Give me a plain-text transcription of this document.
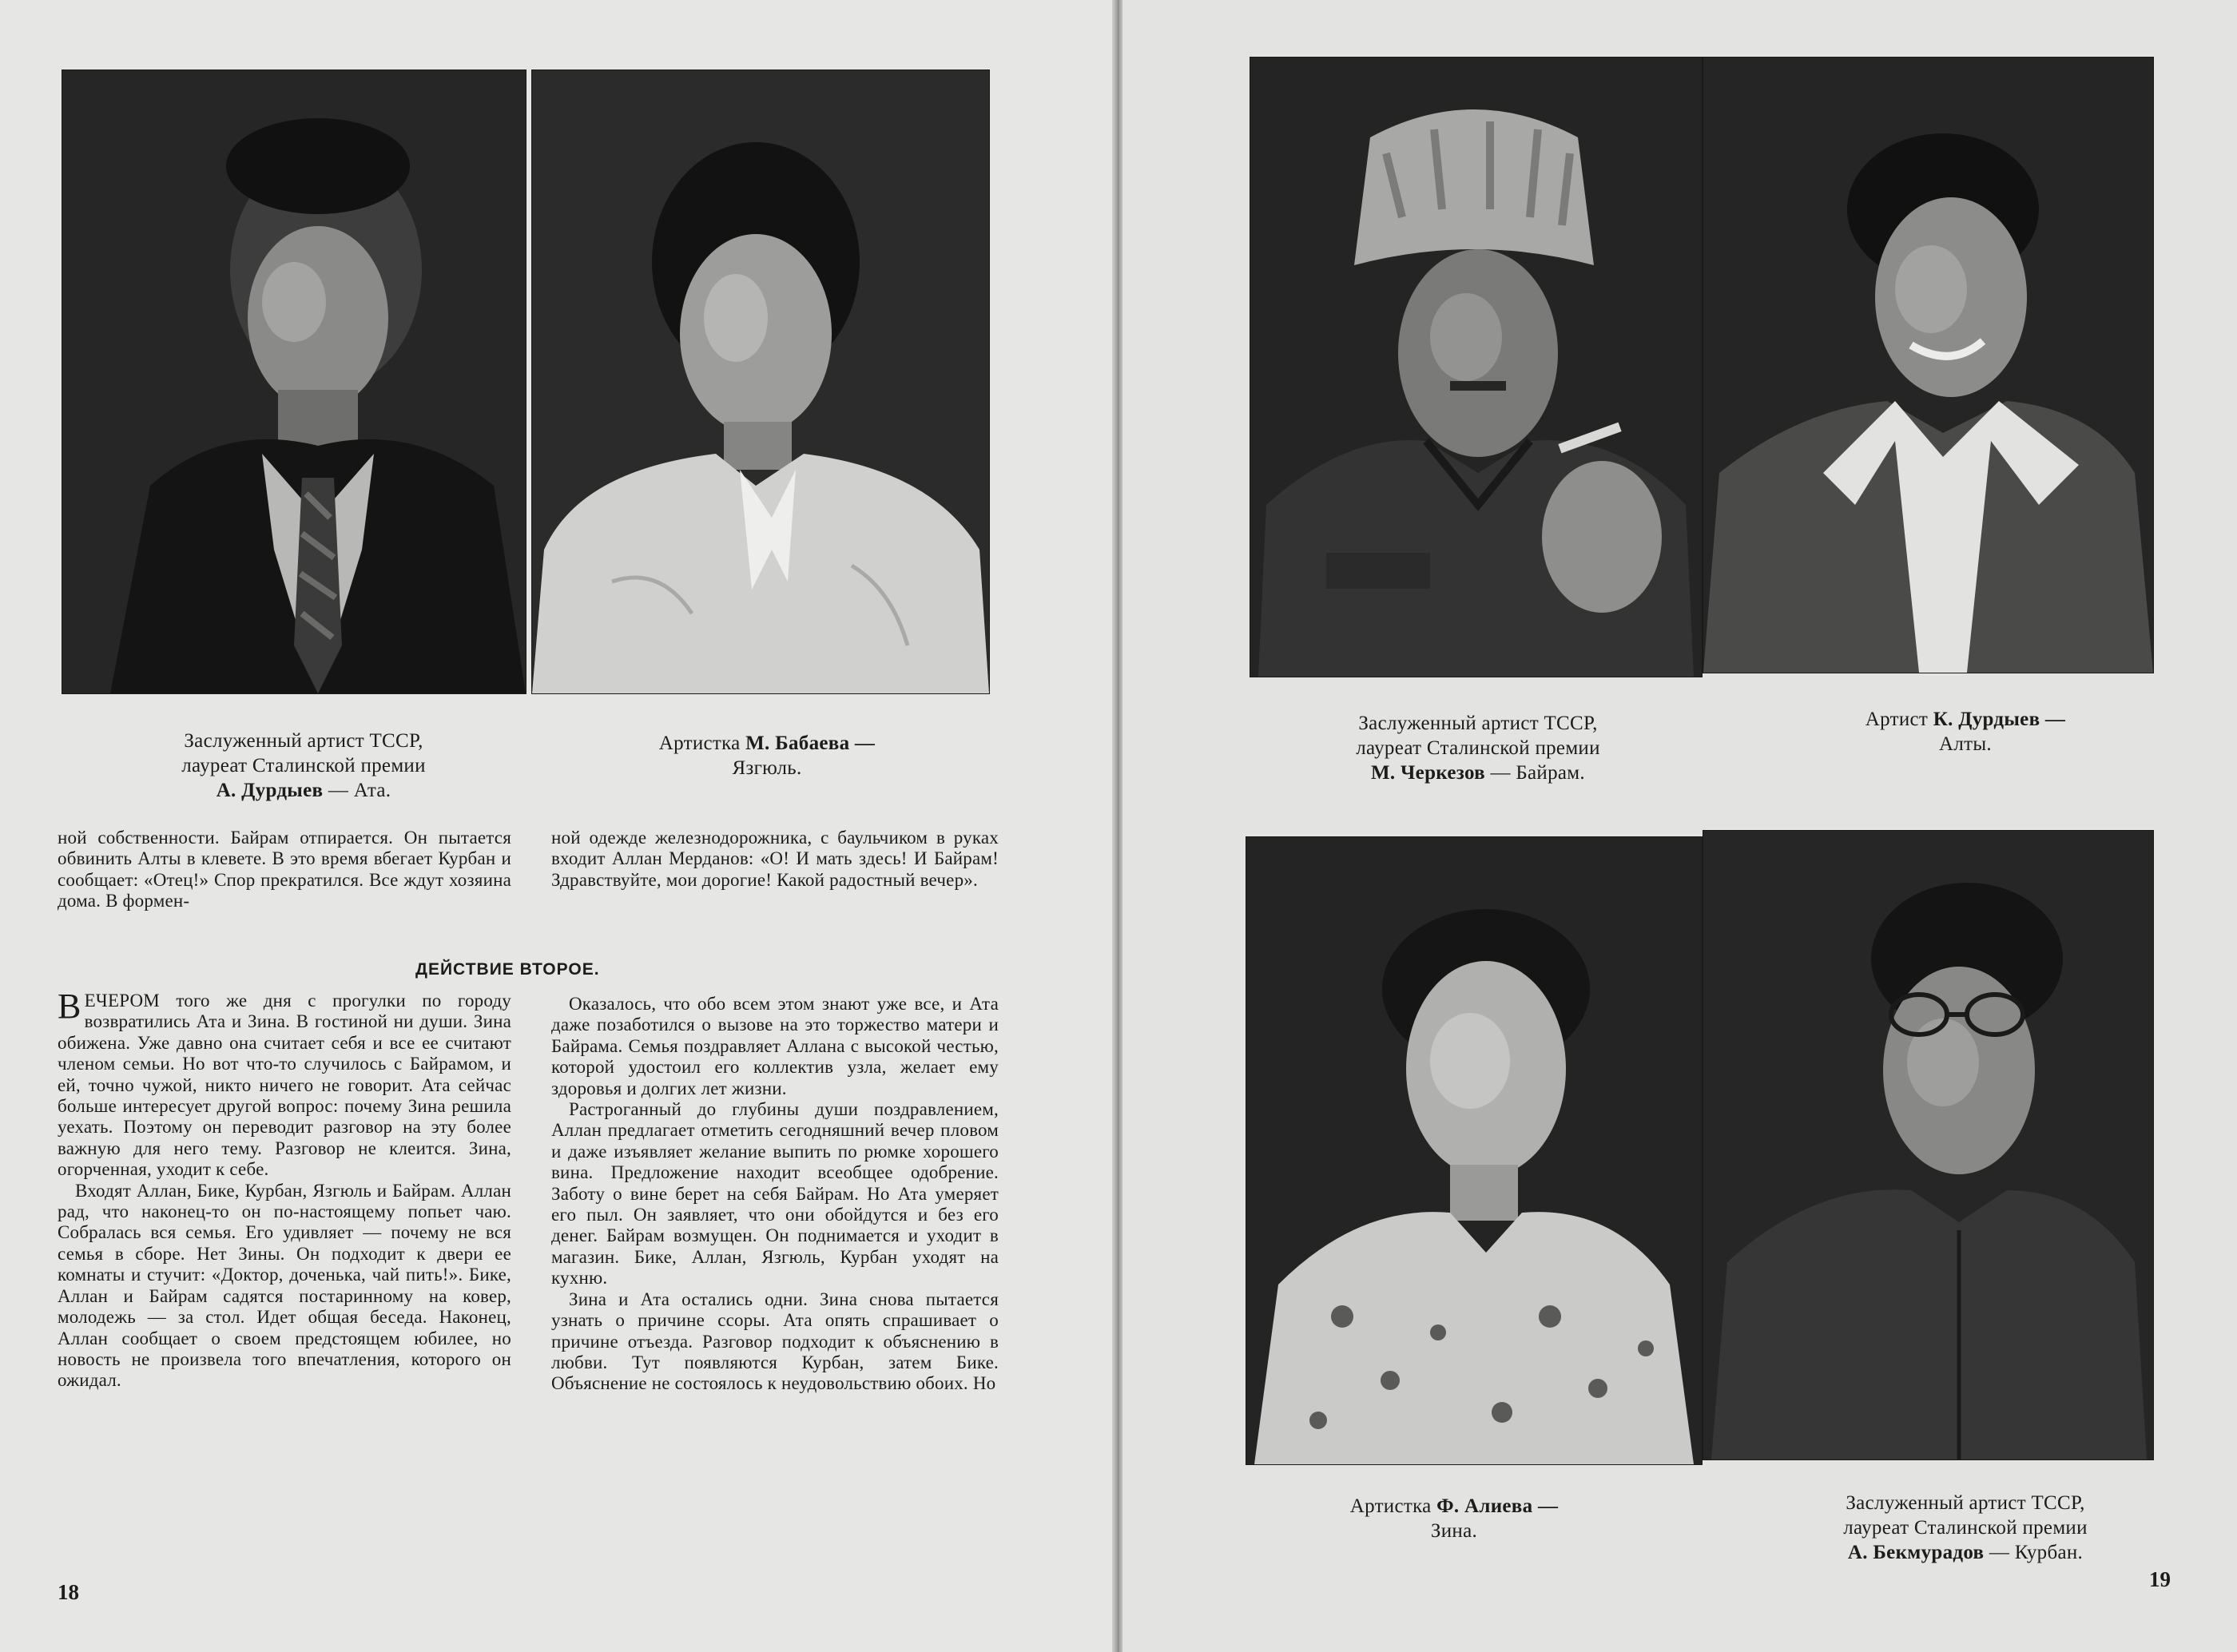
Заслуженный артист ТССР,
лауреат Сталинской премии
А. Дурдыев — Ата.
Артистка М. Бабаева —
Язгюль.

ной собственности. Байрам отпирается. Он пытается обвинить Алты в клевете. В это время вбегает Курбан и сообщает: «Отец!» Спор прекратился. Все ждут хозяина дома. В формен-

ной одежде железнодорожника, с баульчиком в руках входит Аллан Мерданов: «О! И мать здесь! И Байрам! Здравствуйте, мои дорогие! Какой радостный вечер».

ДЕЙСТВИЕ ВТОРОЕ.

ВЕЧЕРОМ того же дня с прогулки по городу возвратились Ата и Зина. В гостиной ни души. Зина обижена. Уже давно она считает себя и все ее считают членом семьи. Но вот что-то случилось с Байрамом, и ей, точно чужой, никто ничего не говорит. Ата сейчас больше интересует другой вопрос: почему Зина решила уехать. Поэтому он переводит разговор на эту более важную для него тему. Разговор не клеится. Зина, огорченная, уходит к себе.

Входят Аллан, Бике, Курбан, Язгюль и Байрам. Аллан рад, что наконец-то он по-настоящему попьет чаю. Собралась вся семья. Его удивляет — почему не вся семья в сборе. Нет Зины. Он подходит к двери ее комнаты и стучит: «Доктор, доченька, чай пить!». Бике, Аллан и Байрам садятся постаринному на ковер, молодежь — за стол. Идет общая беседа. Наконец, Аллан сообщает о своем предстоящем юбилее, но новость не произвела того впечатления, которого он ожидал.

Оказалось, что обо всем этом знают уже все, и Ата даже позаботился о вызове на это торжество матери и Байрама. Семья поздравляет Аллана с высокой честью, которой удостоил его коллектив узла, желает ему здоровья и долгих лет жизни.

Растроганный до глубины души поздравлением, Аллан предлагает отметить сегодняшний вечер пловом и даже изъявляет желание выпить по рюмке хорошего вина. Предложение находит всеобщее одобрение. Заботу о вине берет на себя Байрам. Но Ата умеряет его пыл. Он заявляет, что они обойдутся и без его денег. Байрам возмущен. Он поднимается и уходит в магазин. Бике, Аллан, Язгюль, Курбан уходят на кухню.

Зина и Ата остались одни. Зина снова пытается узнать о причине ссоры. Ата опять спрашивает о причине отъезда. Разговор подходит к объяснению в любви. Тут появляются Курбан, затем Бике. Объяснение не состоялось к неудовольствию обоих. Но

18
Заслуженный артист ТССР,
лауреат Сталинской премии
М. Черкезов — Байрам.
Артист К. Дурдыев —
Алты.
Артистка Ф. Алиева —
Зина.
Заслуженный артист ТССР,
лауреат Сталинской премии
А. Бекмурадов — Курбан.
19
